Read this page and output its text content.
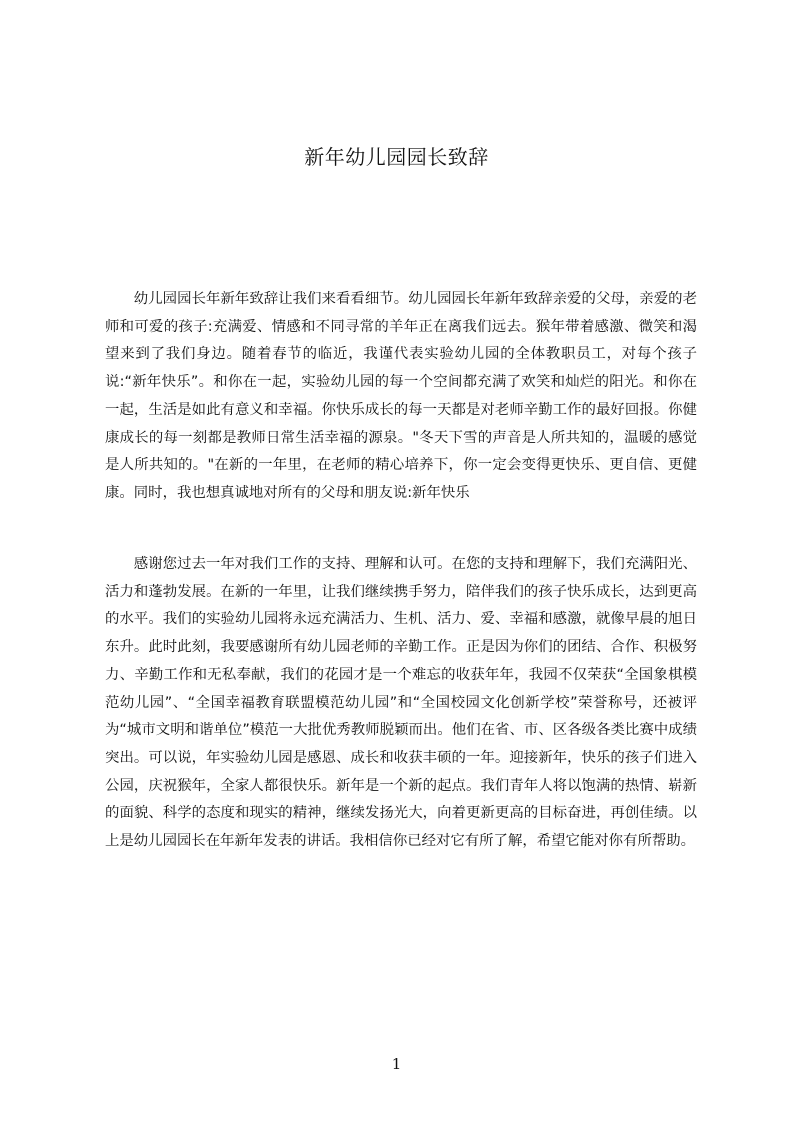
新年幼儿园园长致辞

幼儿园园长年新年致辞让我们来看看细节。幼儿园园长年新年致辞亲爱的父母，亲爱的老师和可爱的孩子:充满爱、情感和不同寻常的羊年正在离我们远去。猴年带着感激、微笑和渴望来到了我们身边。随着春节的临近，我谨代表实验幼儿园的全体教职员工，对每个孩子说:“新年快乐”。和你在一起，实验幼儿园的每一个空间都充满了欢笑和灿烂的阳光。和你在一起，生活是如此有意义和幸福。你快乐成长的每一天都是对老师辛勤工作的最好回报。你健康成长的每一刻都是教师日常生活幸福的源泉。"冬天下雪的声音是人所共知的，温暖的感觉是人所共知的。"在新的一年里，在老师的精心培养下，你一定会变得更快乐、更自信、更健康。同时，我也想真诚地对所有的父母和朋友说:新年快乐

感谢您过去一年对我们工作的支持、理解和认可。在您的支持和理解下，我们充满阳光、活力和蓬勃发展。在新的一年里，让我们继续携手努力，陪伴我们的孩子快乐成长，达到更高的水平。我们的实验幼儿园将永远充满活力、生机、活力、爱、幸福和感激，就像早晨的旭日东升。此时此刻，我要感谢所有幼儿园老师的辛勤工作。正是因为你们的团结、合作、积极努力、辛勤工作和无私奉献，我们的花园才是一个难忘的收获年年，我园不仅荣获“全国象棋模范幼儿园”、“全国幸福教育联盟模范幼儿园”和“全国校园文化创新学校”荣誉称号，还被评为“城市文明和谐单位”模范一大批优秀教师脱颖而出。他们在省、市、区各级各类比赛中成绩突出。可以说，年实验幼儿园是感恩、成长和收获丰硕的一年。迎接新年，快乐的孩子们进入公园，庆祝猴年，全家人都很快乐。新年是一个新的起点。我们青年人将以饱满的热情、崭新的面貌、科学的态度和现实的精神，继续发扬光大，向着更新更高的目标奋进，再创佳绩。以上是幼儿园园长在年新年发表的讲话。我相信你已经对它有所了解，希望它能对你有所帮助。

1
